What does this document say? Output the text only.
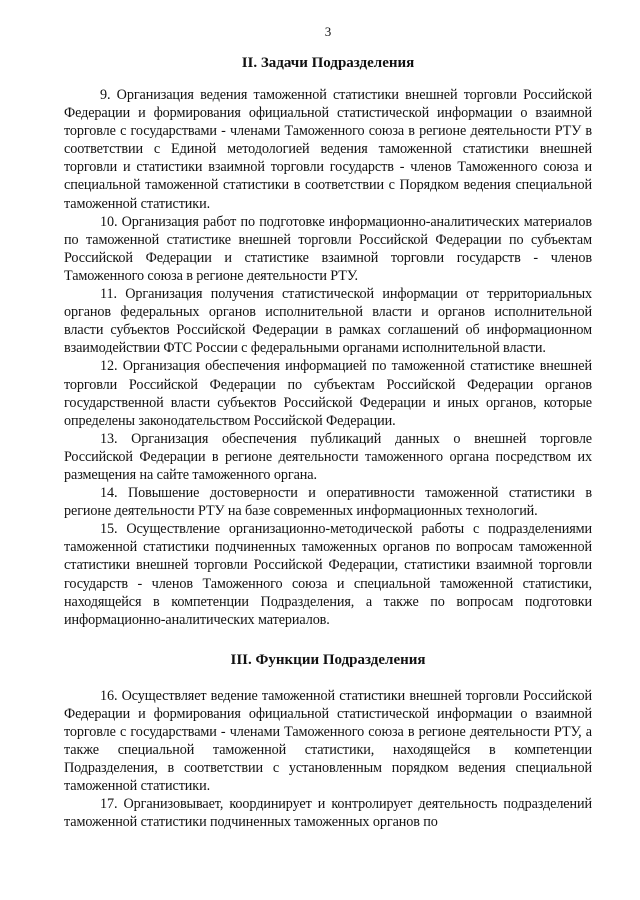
3
II. Задачи Подразделения

9. Организация ведения таможенной статистики внешней торговли Российской Федерации и формирования официальной статистической информации о взаимной торговле с государствами - членами Таможенного союза в регионе деятельности РТУ в соответствии с Единой методологией ведения таможенной статистики внешней торговли и статистики взаимной торговли государств - членов Таможенного союза и специальной таможенной статистики в соответствии с Порядком ведения специальной таможенной статистики.

10. Организация работ по подготовке информационно-аналитических материалов по таможенной статистике внешней торговли Российской Федерации по субъектам Российской Федерации и статистике взаимной торговли государств - членов Таможенного союза в регионе деятельности РТУ.

11. Организация получения статистической информации от территориальных органов федеральных органов исполнительной власти и органов исполнительной власти субъектов Российской Федерации в рамках соглашений об информационном взаимодействии ФТС России с федеральными органами исполнительной власти.

12. Организация обеспечения информацией по таможенной статистике внешней торговли Российской Федерации по субъектам Российской Федерации органов государственной власти субъектов Российской Федерации и иных органов, которые определены законодательством Российской Федерации.

13. Организация обеспечения публикаций данных о внешней торговле Российской Федерации в регионе деятельности таможенного органа посредством их размещения на сайте таможенного органа.

14. Повышение достоверности и оперативности таможенной статистики в регионе деятельности РТУ на базе современных информационных технологий.

15. Осуществление организационно-методической работы с подразделениями таможенной статистики подчиненных таможенных органов по вопросам таможенной статистики внешней торговли Российской Федерации, статистики взаимной торговли государств - членов Таможенного союза и специальной таможенной статистики, находящейся в компетенции Подразделения, а также по вопросам подготовки информационно-аналитических материалов.

III. Функции Подразделения

16. Осуществляет ведение таможенной статистики внешней торговли Российской Федерации и формирования официальной статистической информации о взаимной торговле с государствами - членами Таможенного союза в регионе деятельности РТУ, а также специальной таможенной статистики, находящейся в компетенции Подразделения, в соответствии с установленным порядком ведения специальной таможенной статистики.

17. Организовывает, координирует и контролирует деятельность подразделений таможенной статистики подчиненных таможенных органов по
